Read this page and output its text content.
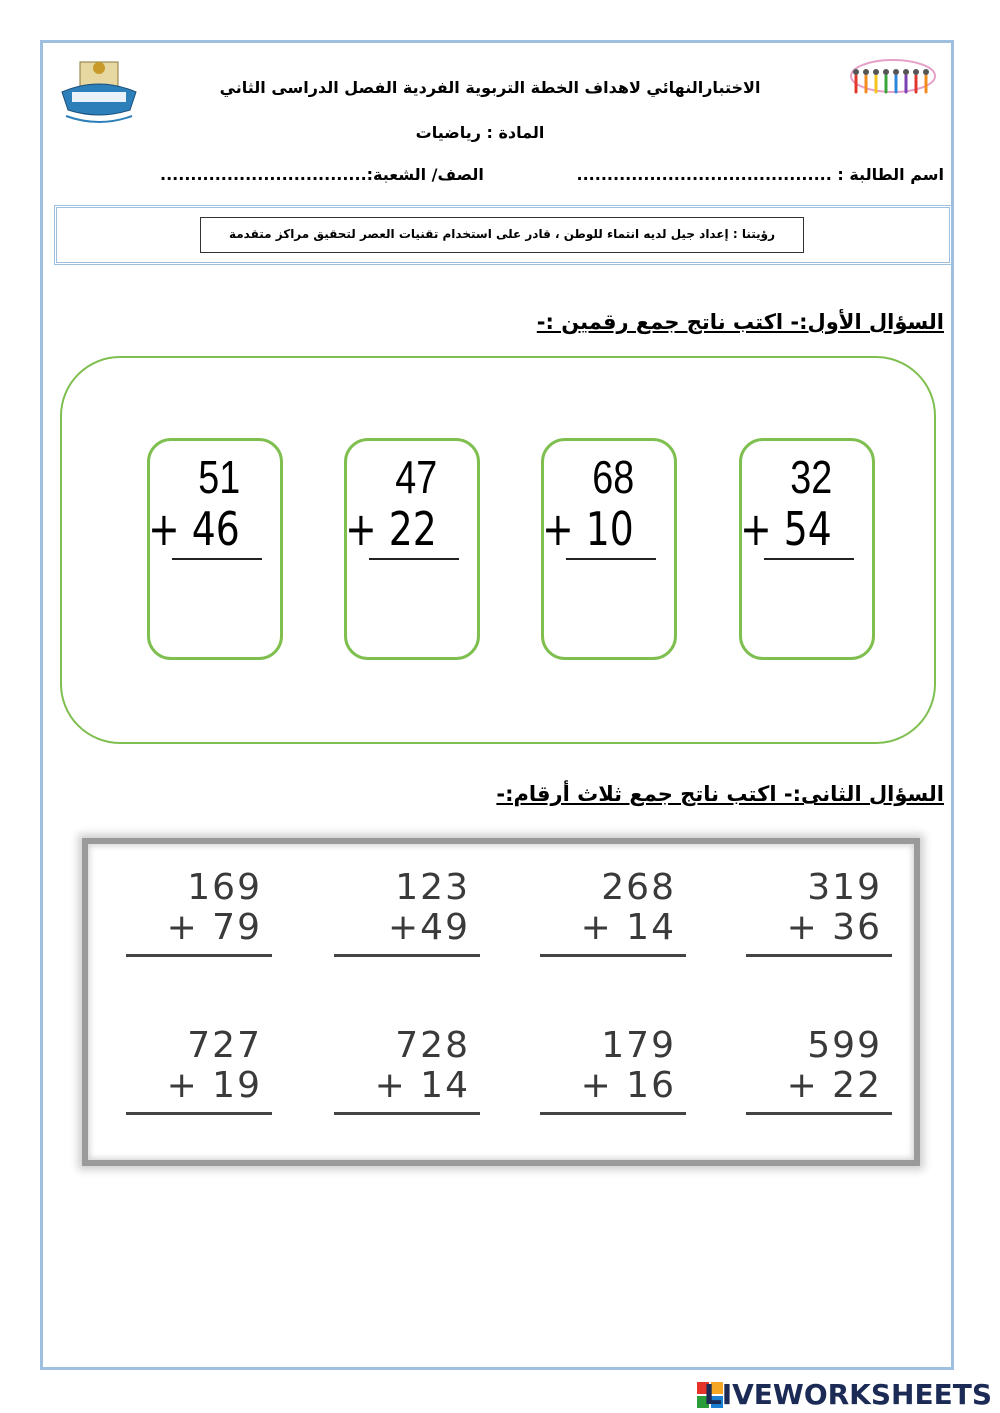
الاختبارالنهائي لاهداف الخطة التربوية الفردية الفصل الدراسى الثاني
المادة : رياضيات
اسم الطالبة : ..........................................
الصف/ الشعبة:..................................
رؤيتنا : إعداد جيل لديه انتماء للوطن ، قادر على استخدام تقنيات العصر لتحقيق مراكز متقدمة
السؤال الأول:- اكتب ناتج جمع رقمين :-
32
+ 54
68
+ 10
47
+ 22
51
+ 46
السؤال الثانى:- اكتب ناتج جمع ثلاث أرقام:-
319
+ 36
268
+ 14
123
+49
169
+ 79
599
+ 22
179
+ 16
728
+ 14
727
+ 19
LIVEWORKSHEETS
